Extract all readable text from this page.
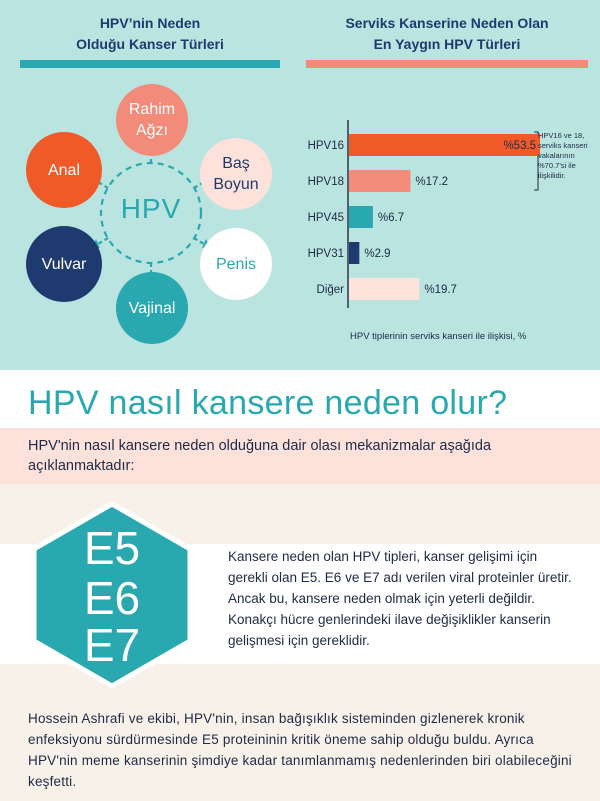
HPV’nin Neden
Olduğu Kanser Türleri
Serviks Kanserine Neden Olan
En Yaygın HPV Türleri
HPV
Rahim
Ağzı
Baş
Boyun
Penis
Vajinal
Vulvar
Anal
HPV16	%53.5
HPV18	%17.2
HPV45	%6.7
HPV31 %2.9
Diğer	%19.7
HPV tiplerinin serviks kanseri ile ilişkisi, %
HPV16 ve 18, serviks kanseri vakalarının %70.7’si ile ilişkilidir.
HPV nasıl kansere neden olur?

HPV'nin nasıl kansere neden olduğuna dair olası mekanizmalar aşağıda açıklanmaktadır:

E5
E6
E7

Kansere neden olan HPV tipleri, kanser gelişimi için gerekli olan E5. E6 ve E7 adı verilen viral proteinler üretir. Ancak bu, kansere neden olmak için yeterli değildir. Konakçı hücre genlerindeki ilave değişiklikler kanserin gelişmesi için gereklidir.

Hossein Ashrafi ve ekibi, HPV'nin, insan bağışıklık sisteminden gizlenerek kronik enfeksiyonu sürdürmesinde E5 proteininin kritik öneme sahip olduğu buldu. Ayrıca HPV'nin meme kanserinin şimdiye kadar tanımlanmamış nedenlerinden biri olabileceğini keşfetti.
